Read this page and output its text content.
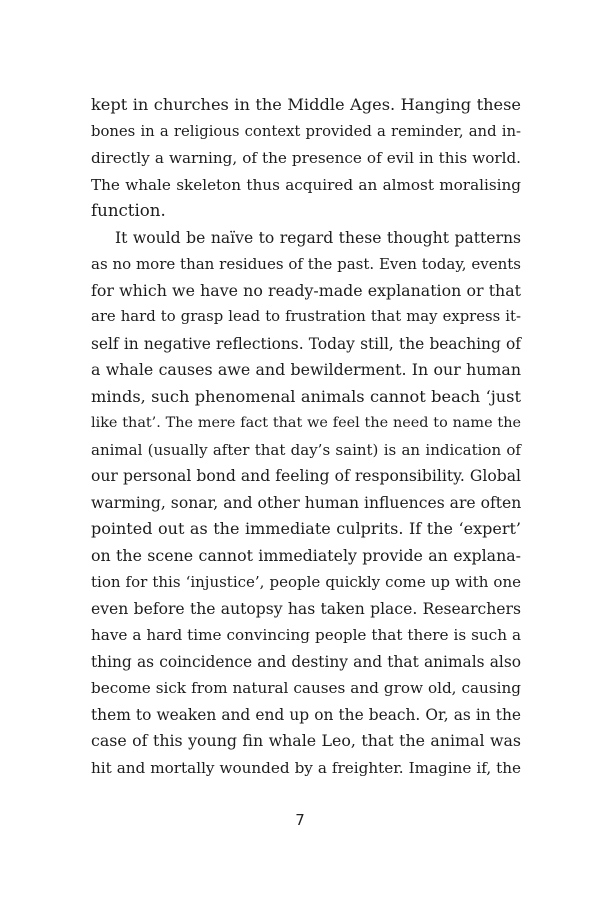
kept in churches in the Middle Ages. Hanging these
bones in a religious context provided a reminder, and in-
directly a warning, of the presence of evil in this world.
The whale skeleton thus acquired an almost moralising
function.
It would be naïve to regard these thought patterns
as no more than residues of the past. Even today, events
for which we have no ready-made explanation or that
are hard to grasp lead to frustration that may express it-
self in negative reflections. Today still, the beaching of
a whale causes awe and bewilderment. In our human
minds, such phenomenal animals cannot beach ‘just
like that’. The mere fact that we feel the need to name the
animal (usually after that day’s saint) is an indication of
our personal bond and feeling of responsibility. Global
warming, sonar, and other human influences are often
pointed out as the immediate culprits. If the ‘expert’
on the scene cannot immediately provide an explana-
tion for this ‘injustice’, people quickly come up with one
even before the autopsy has taken place. Researchers
have a hard time convincing people that there is such a
thing as coincidence and destiny and that animals also
become sick from natural causes and grow old, causing
them to weaken and end up on the beach. Or, as in the
case of this young fin whale Leo, that the animal was
hit and mortally wounded by a freighter. Imagine if, the
7
